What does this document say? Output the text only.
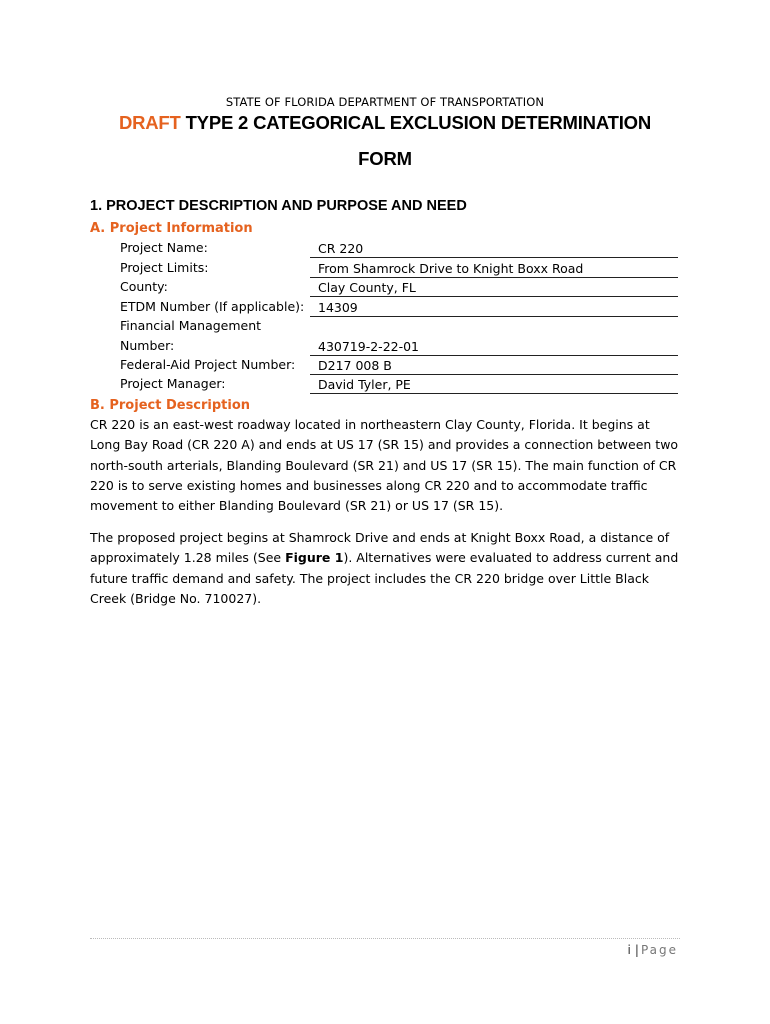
STATE OF FLORIDA DEPARTMENT OF TRANSPORTATION
DRAFT TYPE 2 CATEGORICAL EXCLUSION DETERMINATION
FORM
1. PROJECT DESCRIPTION AND PURPOSE AND NEED
A. Project Information
Project Name:	CR 220
Project Limits:	From Shamrock Drive to Knight Boxx Road
County:	Clay County, FL
ETDM Number (If applicable):	14309
Financial Management
Number:	430719-2-22-01
Federal-Aid Project Number:	D217 008 B
Project Manager:	David Tyler, PE
B. Project Description
CR 220 is an east-west roadway located in northeastern Clay County, Florida. It begins at Long Bay Road (CR 220 A) and ends at US 17 (SR 15) and provides a connection between two north-south arterials, Blanding Boulevard (SR 21) and US 17 (SR 15). The main function of CR 220 is to serve existing homes and businesses along CR 220 and to accommodate traffic movement to either Blanding Boulevard (SR 21) or US 17 (SR 15).
The proposed project begins at Shamrock Drive and ends at Knight Boxx Road, a distance of approximately 1.28 miles (See Figure 1). Alternatives were evaluated to address current and future traffic demand and safety. The project includes the CR 220 bridge over Little Black Creek (Bridge No. 710027).
i | Page
